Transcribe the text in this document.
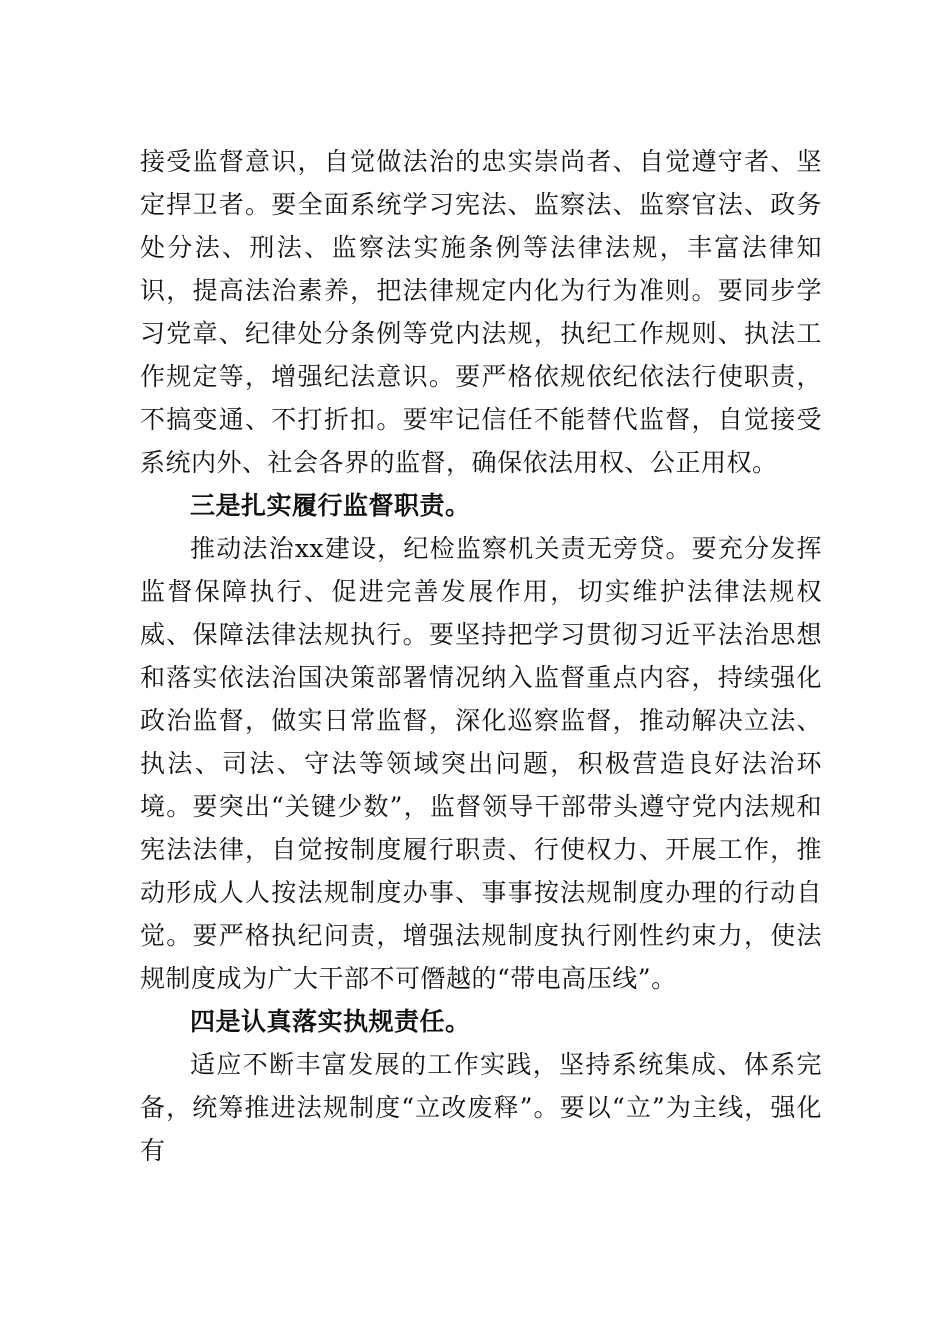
接受监督意识，自觉做法治的忠实崇尚者、自觉遵守者、坚定捍卫者。要全面系统学习宪法、监察法、监察官法、政务处分法、刑法、监察法实施条例等法律法规，丰富法律知识，提高法治素养，把法律规定内化为行为准则。要同步学习党章、纪律处分条例等党内法规，执纪工作规则、执法工作规定等，增强纪法意识。要严格依规依纪依法行使职责，不搞变通、不打折扣。要牢记信任不能替代监督，自觉接受系统内外、社会各界的监督，确保依法用权、公正用权。

三是扎实履行监督职责。

推动法治xx建设，纪检监察机关责无旁贷。要充分发挥监督保障执行、促进完善发展作用，切实维护法律法规权威、保障法律法规执行。要坚持把学习贯彻习近平法治思想和落实依法治国决策部署情况纳入监督重点内容，持续强化政治监督，做实日常监督，深化巡察监督，推动解决立法、执法、司法、守法等领域突出问题，积极营造良好法治环境。要突出“关键少数”，监督领导干部带头遵守党内法规和宪法法律，自觉按制度履行职责、行使权力、开展工作，推动形成人人按法规制度办事、事事按法规制度办理的行动自觉。要严格执纪问责，增强法规制度执行刚性约束力，使法规制度成为广大干部不可僭越的“带电高压线”。

四是认真落实执规责任。

适应不断丰富发展的工作实践，坚持系统集成、体系完备，统筹推进法规制度“立改废释”。要以“立”为主线，强化有
